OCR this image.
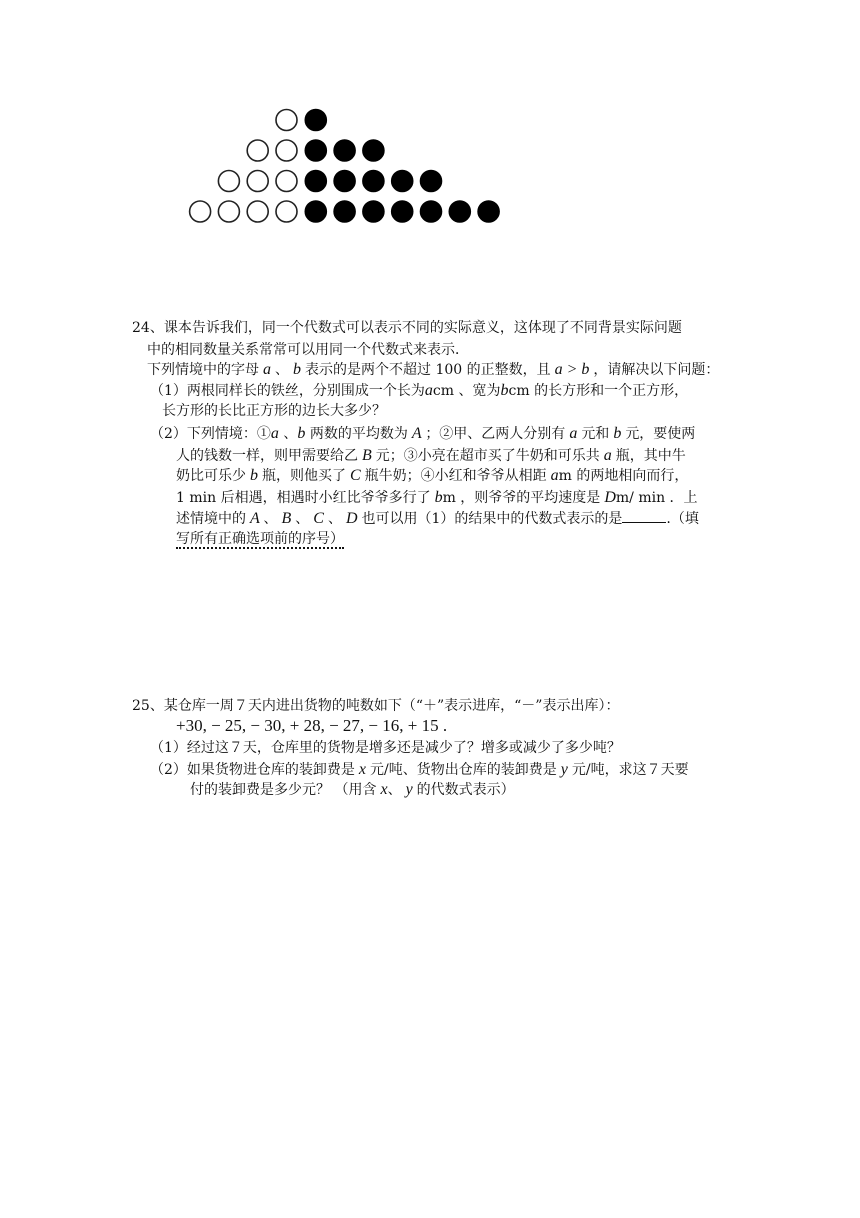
24、课本告诉我们，同一个代数式可以表示不同的实际意义，这体现了不同背景实际问题
中的相同数量关系常常可以用同一个代数式来表示．
下列情境中的字母 a 、 b 表示的是两个不超过 100 的正整数，且 a > b ，请解决以下问题：
（1）两根同样长的铁丝，分别围成一个长为acm 、宽为bcm 的长方形和一个正方形，
长方形的长比正方形的边长大多少？
（2）下列情境：①a 、b 两数的平均数为 A ；②甲、乙两人分别有 a 元和 b 元，要使两
人的钱数一样，则甲需要给乙 B 元；③小亮在超市买了牛奶和可乐共 a 瓶，其中牛
奶比可乐少 b 瓶，则他买了 C 瓶牛奶；④小红和爷爷从相距 am 的两地相向而行，
1 min 后相遇，相遇时小红比爷爷多行了 bm ，则爷爷的平均速度是 Dm/ min ．上
述情境中的 A 、 B 、 C 、 D 也可以用（1）的结果中的代数式表示的是	.（填
写所有正确选项前的序号）
25、某仓库一周７天内进出货物的吨数如下（“＋”表示进库，“－”表示出库）：
+30, − 25, − 30, + 28, − 27, − 16, + 15 .
（1）经过这７天，仓库里的货物是增多还是减少了？增多或减少了多少吨？
（2）如果货物进仓库的装卸费是 x 元/吨、货物出仓库的装卸费是 y 元/吨，求这７天要
付的装卸费是多少元？ （用含 x、 y 的代数式表示）
